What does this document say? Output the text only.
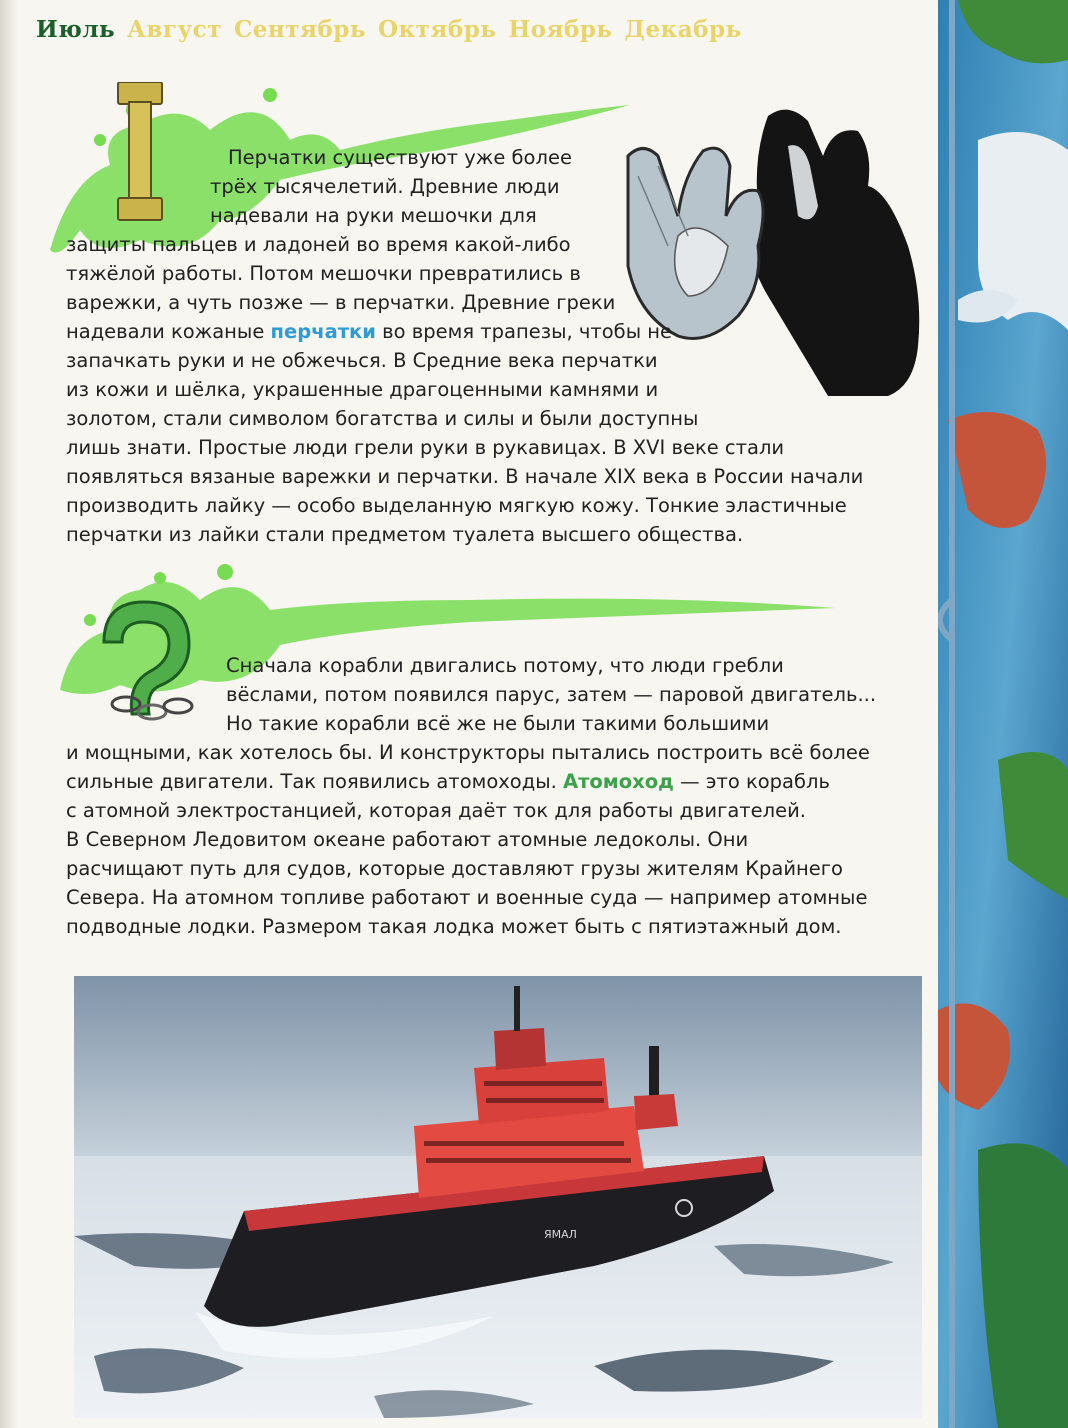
Июль Август Сентябрь Октябрь Ноябрь Декабрь

Перчатки существуют уже более

трёх тысячелетий. Древние люди

надевали на руки мешочки для

защиты пальцев и ладоней во время какой-либо

тяжёлой работы. Потом мешочки превратились в

варежки, а чуть позже — в перчатки. Древние греки

надевали кожаные перчатки во время трапезы, чтобы не

запачкать руки и не обжечься. В Средние века перчатки

из кожи и шёлка, украшенные драгоценными камнями и

золотом, стали символом богатства и силы и были доступны

лишь знати. Простые люди грели руки в рукавицах. В XVI веке стали

появляться вязаные варежки и перчатки. В начале XIX века в России начали

производить лайку — особо выделанную мягкую кожу. Тонкие эластичные

перчатки из лайки стали предметом туалета высшего общества.

Сначала корабли двигались потому, что люди гребли

вёслами, потом появился парус, затем — паровой двигатель...

Но такие корабли всё же не были такими большими

и мощными, как хотелось бы. И конструкторы пытались построить всё более

сильные двигатели. Так появились атомоходы. Атомоход — это корабль

с атомной электростанцией, которая даёт ток для работы двигателей.

В Северном Ледовитом океане работают атомные ледоколы. Они

расчищают путь для судов, которые доставляют грузы жителям Крайнего

Севера. На атомном топливе работают и военные суда — например атомные

подводные лодки. Размером такая лодка может быть с пятиэтажный дом.

ЯМАЛ
